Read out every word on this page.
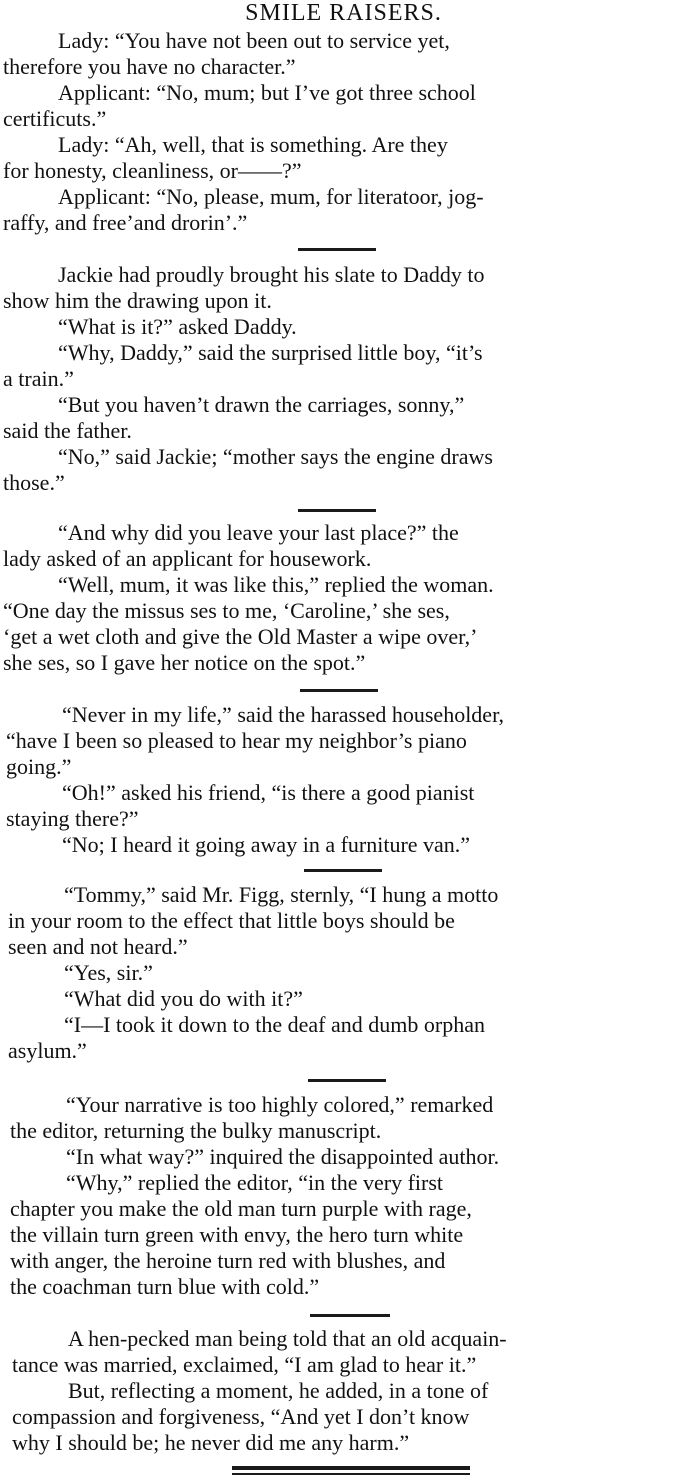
SMILE RAISERS.
Lady: “You have not been out to service yet,
therefore you have no character.”
Applicant: “No, mum; but I’ve got three school
certificuts.”
Lady: “Ah, well, that is something. Are they
for honesty, cleanliness, or——?”
Applicant: “No, please, mum, for literatoor, jog-
raffy, and free’and drorin’.”
Jackie had proudly brought his slate to Daddy to
show him the drawing upon it.
“What is it?” asked Daddy.
“Why, Daddy,” said the surprised little boy, “it’s
a train.”
“But you haven’t drawn the carriages, sonny,”
said the father.
“No,” said Jackie; “mother says the engine draws
those.”
“And why did you leave your last place?” the
lady asked of an applicant for housework.
“Well, mum, it was like this,” replied the woman.
“One day the missus ses to me, ‘Caroline,’ she ses,
‘get a wet cloth and give the Old Master a wipe over,’
she ses, so I gave her notice on the spot.”
“Never in my life,” said the harassed householder,
“have I been so pleased to hear my neighbor’s piano
going.”
“Oh!” asked his friend, “is there a good pianist
staying there?”
“No; I heard it going away in a furniture van.”
“Tommy,” said Mr. Figg, sternly, “I hung a motto
in your room to the effect that little boys should be
seen and not heard.”
“Yes, sir.”
“What did you do with it?”
“I—I took it down to the deaf and dumb orphan
asylum.”
“Your narrative is too highly colored,” remarked
the editor, returning the bulky manuscript.
“In what way?” inquired the disappointed author.
“Why,” replied the editor, “in the very first
chapter you make the old man turn purple with rage,
the villain turn green with envy, the hero turn white
with anger, the heroine turn red with blushes, and
the coachman turn blue with cold.”
A hen-pecked man being told that an old acquain-
tance was married, exclaimed, “I am glad to hear it.”
But, reflecting a moment, he added, in a tone of
compassion and forgiveness, “And yet I don’t know
why I should be; he never did me any harm.”
